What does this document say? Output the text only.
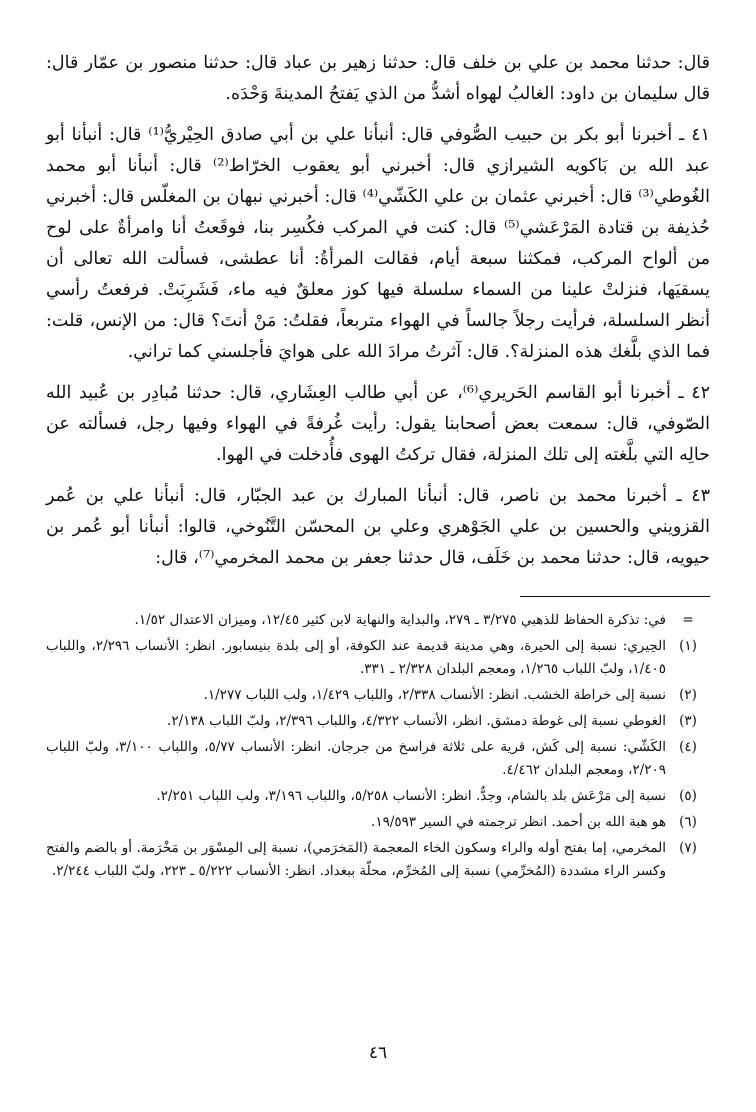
قال: حدثنا محمد بن علي بن خلف قال: حدثنا زهير بن عباد قال: حدثنا منصور بن عمّار قال: قال سليمان بن داود: الغالبُ لهواه أشدُّ من الذي يَفتحُ المدينةَ وَحْدَه.

٤١ ـ أخبرنا أبو بكر بن حبيب الصُّوفي قال: أنبأنا علي بن أبي صادق الحِيْريُّ⁽¹⁾ قال: أنبأنا أبو عبد الله بن بَاكويه الشيرازي قال: أخبرني أبو يعقوب الخرّاط⁽²⁾ قال: أنبأنا أبو محمد الغُوطي⁽³⁾ قال: أخبرني عثمان بن علي الكَشّي⁽⁴⁾ قال: أخبرني نبهان بن المغلّس قال: أخبرني حُذيفة بن قتادة المَرْعَشي⁽⁵⁾ قال: كنت في المركب فكُسِر بنا، فوقَعتُ أنا وامرأةٌ على لوح من ألواح المركب، فمكثنا سبعة أيام، فقالت المرأةُ: أنا عطشى، فسألت الله تعالى أن يسقيَها، فنزلتْ علينا من السماء سلسلة فيها كوز معلقٌ فيه ماء، فَشَرِبَتْ. فرفعتُ رأسي أنظر السلسلة، فرأيت رجلاً جالساً في الهواء متربعاً، فقلتُ: مَنْ أنتَ؟ قال: من الإنس، قلت: فما الذي بلَّغك هذه المنزلة؟. قال: آثرتُ مرادَ الله على هوايَ فأجلسني كما تراني.

٤٢ ـ أخبرنا أبو القاسم الحَريري⁽⁶⁾، عن أبي طالب العِشَاري، قال: حدثنا مُبادِر بن عُبيد الله الصّوفي، قال: سمعت بعض أصحابنا يقول: رأيت غُرفةً في الهواء وفيها رجل، فسألته عن حالِه التي بلَّغته إلى تلك المنزلة، فقال تركتُ الهوى فأُدخلت في الهوا.

٤٣ ـ أخبرنا محمد بن ناصر، قال: أنبأنا المبارك بن عبد الجبّار، قال: أنبأنا علي بن عُمر القزويني والحسين بن علي الجَوْهري وعلي بن المحسّن التَّنُوخي، قالوا: أنبأنا أبو عُمر بن حيويه، قال: حدثنا محمد بن خَلَف، قال حدثنا جعفر بن محمد المخرمي⁽⁷⁾، قال:

=
في: تذكرة الحفاظ للذهبي ٣/٢٧٥ ـ ٢٧٩، والبداية والنهاية لابن كثير ١٢/٤٥، وميزان الاعتدال ١/٥٢.
(١)
الحِيري: نسبة إلى الحيرة، وهي مدينة قديمة عند الكوفة، أو إلى بلدة بنيسابور. انظر: الأنساب ٢/٢٩٦، واللباب ١/٤٠٥، ولبّ اللباب ١/٢٦٥، ومعجم البلدان ٢/٣٢٨ ـ ٣٣١.
(٢)
نسبة إلى خراطة الخشب. انظر: الأنساب ٢/٣٣٨، واللباب ١/٤٢٩، ولب اللباب ١/٢٧٧.
(٣)
الغوطي نسبة إلى غوطة دمشق. انظر، الأنساب ٤/٣٢٢، واللباب ٢/٣٩٦، ولبّ اللباب ٢/١٣٨.
(٤)
الكَشّي: نسبة إلى كَش، قرية على ثلاثة فراسخ من جرجان. انظر: الأنساب ٥/٧٧، واللباب ٣/١٠٠، ولبّ اللباب ٢/٢٠٩، ومعجم البلدان ٤/٤٦٢.
(٥)
نسبة إلى مَرْعَش بلد بالشام، وجدٌّ. انظر: الأنساب ٥/٢٥٨، واللباب ٣/١٩٦، ولب اللباب ٢/٢٥١.
(٦)
هو هبة الله بن أحمد. انظر ترجمته في السير ١٩/٥٩٣.
(٧)
المخرمي، إما بفتح أوله والراء وسكون الخاء المعجمة (المَخرَمي)، نسبة إلى المِسْوَر بن مَخْرَمة. أو بالضم والفتح وكسر الراء مشددة (المُخرِّمي) نسبة إلى المُخرِّم، محلّة ببغداد. انظر: الأنساب ٥/٢٢٢ ـ ٢٢٣، ولبّ اللباب ٢/٢٤٤.
٤٦
